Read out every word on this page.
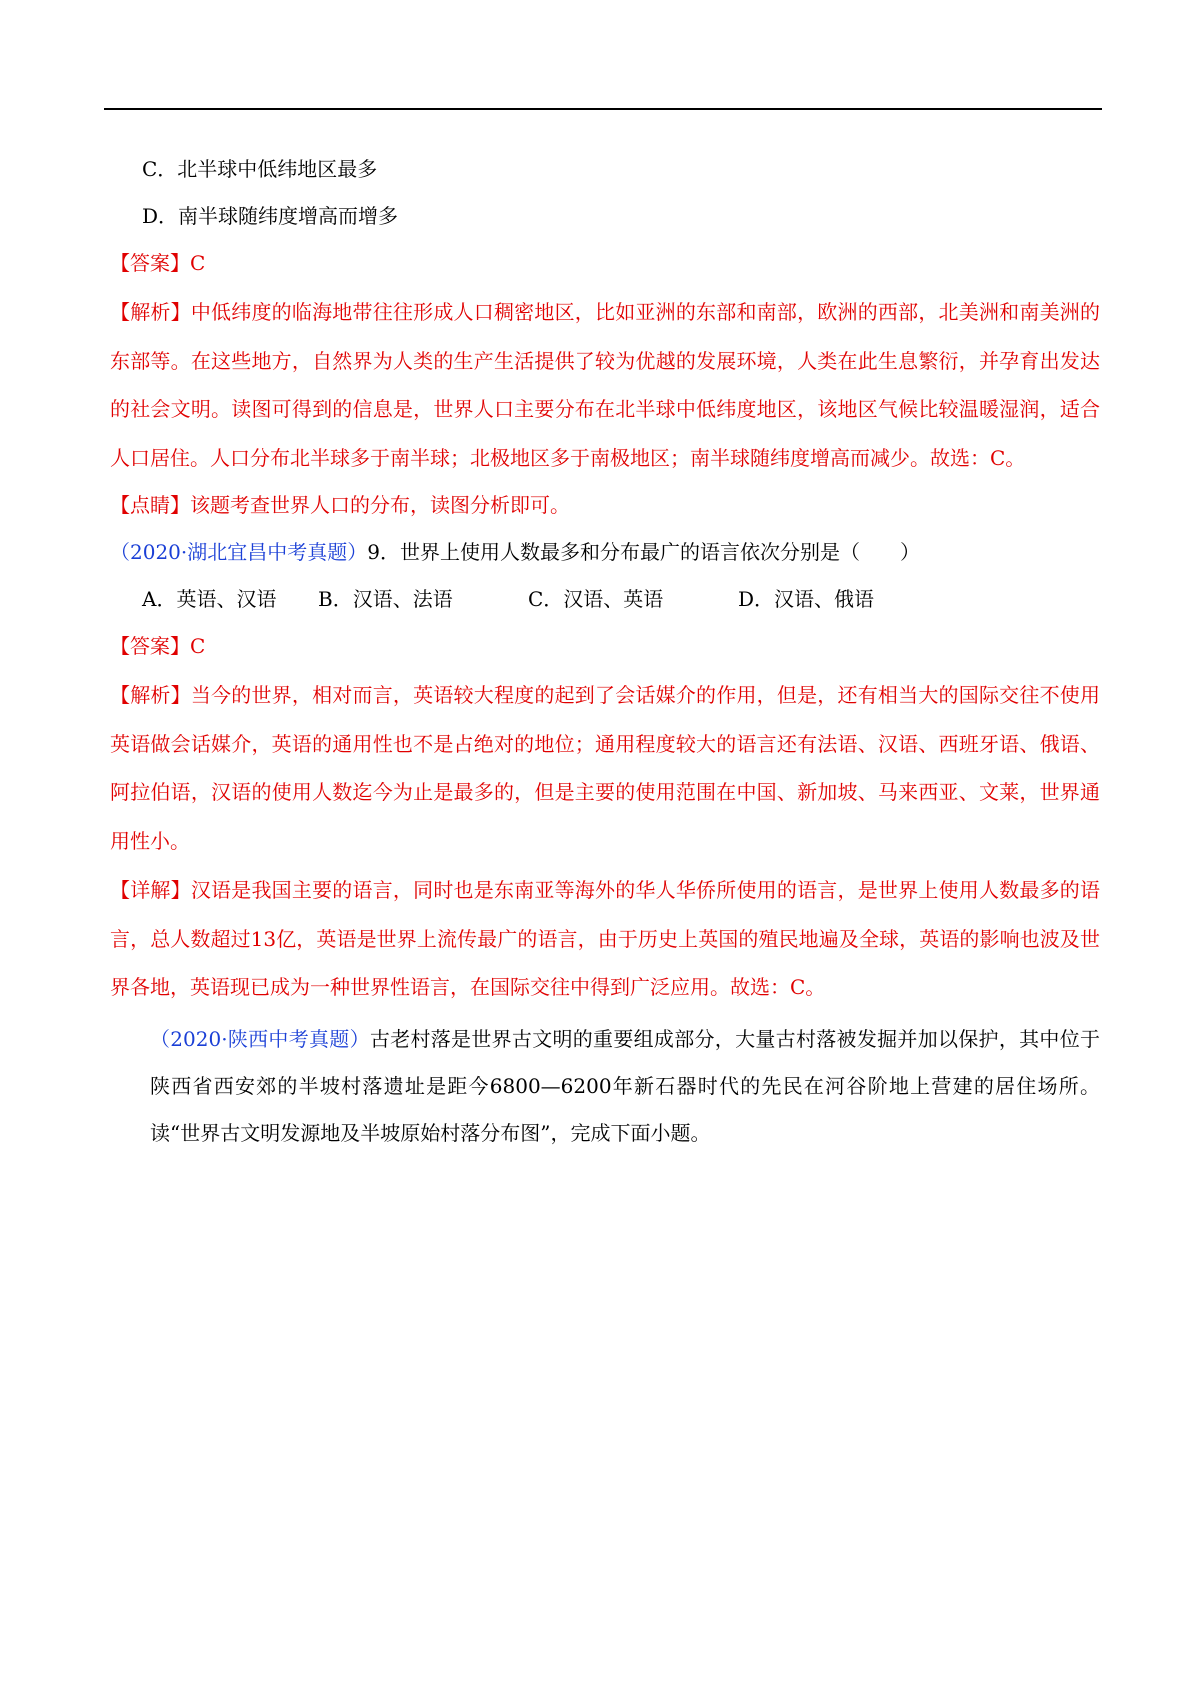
C．北半球中低纬地区最多
D．南半球随纬度增高而增多
【答案】C
【解析】中低纬度的临海地带往往形成人口稠密地区，比如亚洲的东部和南部，欧洲的西部，北美洲和南美洲的东部等。在这些地方，自然界为人类的生产生活提供了较为优越的发展环境，人类在此生息繁衍，并孕育出发达的社会文明。读图可得到的信息是，世界人口主要分布在北半球中低纬度地区，该地区气候比较温暖湿润，适合人口居住。人口分布北半球多于南半球；北极地区多于南极地区；南半球随纬度增高而减少。故选：C。
【点睛】该题考查世界人口的分布，读图分析即可。
（2020·湖北宜昌中考真题）9．世界上使用人数最多和分布最广的语言依次分别是（　　）
A．英语、汉语 B．汉语、法语	C．汉语、英语	D．汉语、俄语
【答案】C
【解析】当今的世界，相对而言，英语较大程度的起到了会话媒介的作用，但是，还有相当大的国际交往不使用英语做会话媒介，英语的通用性也不是占绝对的地位；通用程度较大的语言还有法语、汉语、西班牙语、俄语、阿拉伯语，汉语的使用人数迄今为止是最多的，但是主要的使用范围在中国、新加坡、马来西亚、文莱，世界通用性小。
【详解】汉语是我国主要的语言，同时也是东南亚等海外的华人华侨所使用的语言，是世界上使用人数最多的语言，总人数超过13亿，英语是世界上流传最广的语言，由于历史上英国的殖民地遍及全球，英语的影响也波及世界各地，英语现已成为一种世界性语言，在国际交往中得到广泛应用。故选：C。
（2020·陕西中考真题）古老村落是世界古文明的重要组成部分，大量古村落被发掘并加以保护，其中位于陕西省西安郊的半坡村落遗址是距今6800—6200年新石器时代的先民在河谷阶地上营建的居住场所。读“世界古文明发源地及半坡原始村落分布图”，完成下面小题。
